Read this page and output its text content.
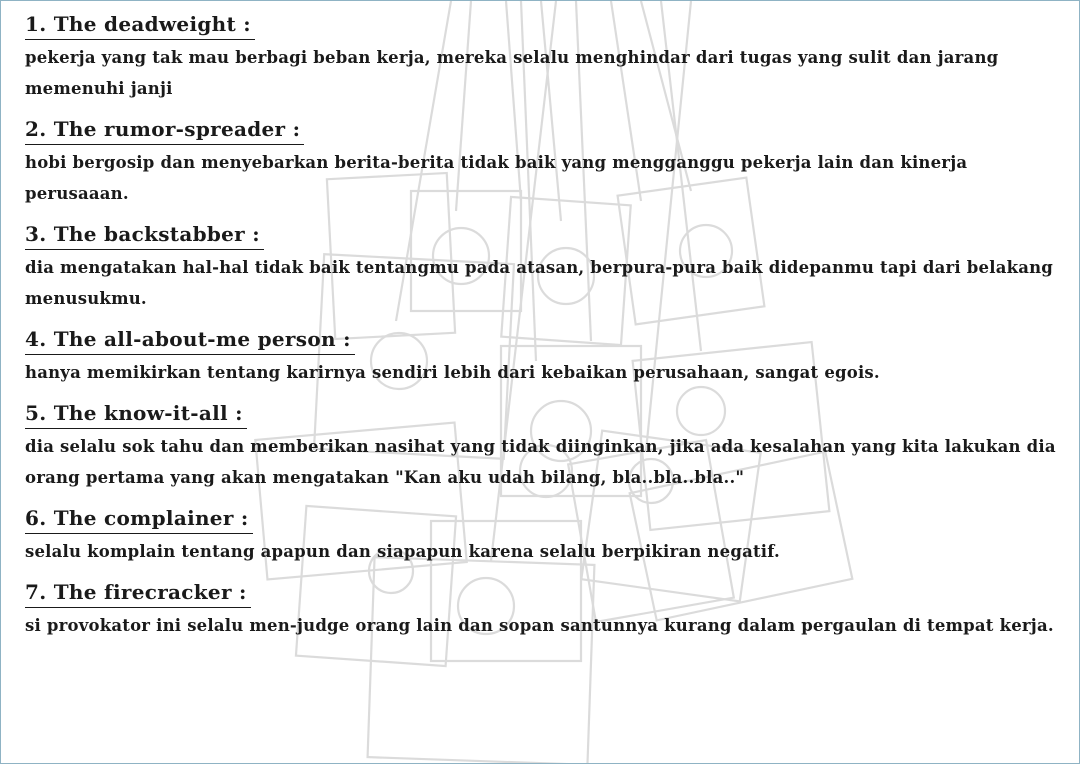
1. The deadweight :
pekerja yang tak mau berbagi beban kerja, mereka selalu menghindar dari tugas yang sulit dan jarang memenuhi janji
2. The rumor-spreader :
hobi bergosip dan menyebarkan berita-berita tidak baik yang mengganggu pekerja lain dan kinerja perusaaan.
3. The backstabber :
dia mengatakan hal-hal tidak baik tentangmu pada atasan, berpura-pura baik didepanmu tapi dari belakang menusukmu.
4. The all-about-me person :
hanya memikirkan tentang karirnya sendiri lebih dari kebaikan perusahaan, sangat egois.
5. The know-it-all :
dia selalu sok tahu dan memberikan nasihat yang tidak diinginkan, jika ada kesalahan yang kita lakukan dia orang pertama yang akan mengatakan "Kan aku udah bilang, bla..bla..bla.."
6. The complainer :
selalu komplain tentang apapun dan siapapun karena selalu berpikiran negatif.
7. The firecracker :
si provokator ini selalu men-judge orang lain dan sopan santunnya kurang dalam pergaulan di tempat kerja.
